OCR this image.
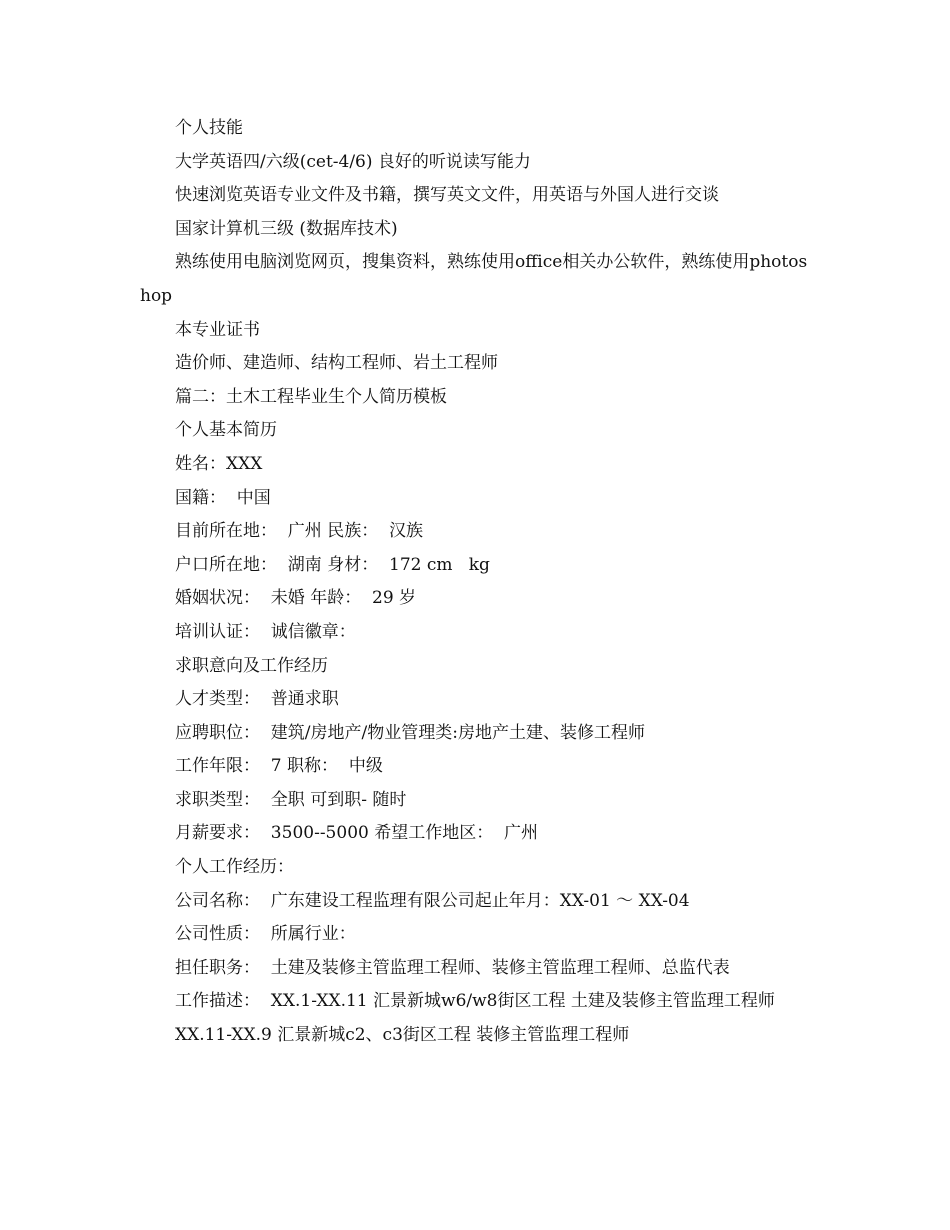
个人技能

大学英语四/六级(cet-4/6) 良好的听说读写能力

快速浏览英语专业文件及书籍，撰写英文文件，用英语与外国人进行交谈

国家计算机三级 (数据库技术)

熟练使用电脑浏览网页，搜集资料，熟练使用office相关办公软件，熟练使用photoshop

本专业证书

造价师、建造师、结构工程师、岩土工程师

篇二：土木工程毕业生个人简历模板

个人基本简历

姓名：XXX

国籍：  中国

目前所在地：  广州 民族：  汉族

户口所在地：  湖南 身材：  172 cm   kg

婚姻状况：  未婚 年龄：  29 岁

培训认证：  诚信徽章：

求职意向及工作经历

人才类型：  普通求职

应聘职位：  建筑/房地产/物业管理类:房地产土建、装修工程师

工作年限：  7 职称：  中级

求职类型：  全职 可到职- 随时

月薪要求：  3500--5000 希望工作地区：  广州

个人工作经历：

公司名称：  广东建设工程监理有限公司起止年月：XX-01 ～ XX-04

公司性质：  所属行业：

担任职务：  土建及装修主管监理工程师、装修主管监理工程师、总监代表

工作描述：  XX.1-XX.11 汇景新城w6/w8街区工程 土建及装修主管监理工程师

XX.11-XX.9 汇景新城c2、c3街区工程 装修主管监理工程师
